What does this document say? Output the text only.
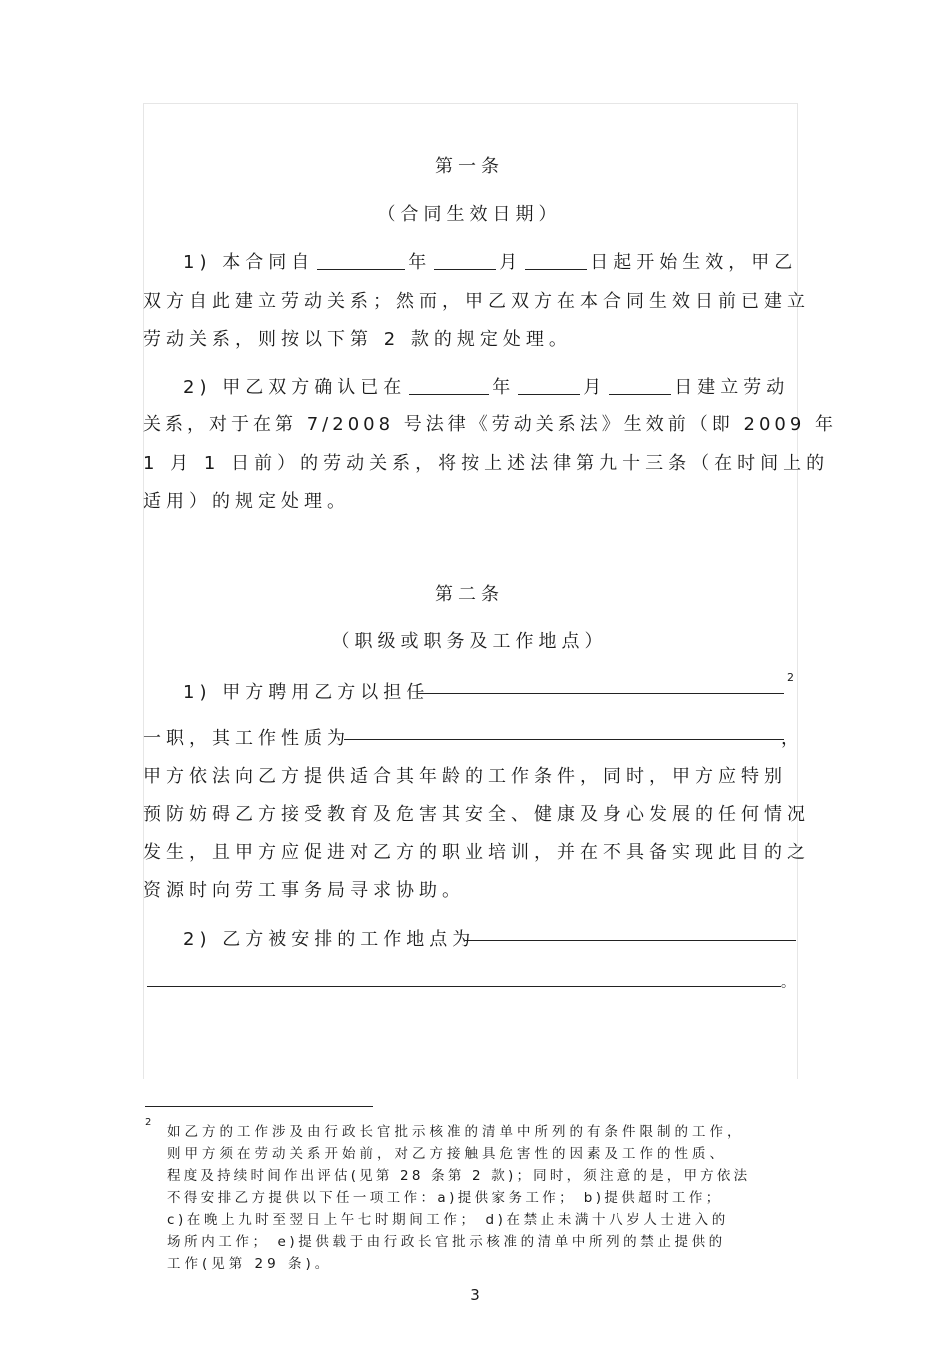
第一条
（合同生效日期）
1) 本合同自	年	月	日起开始生效，甲乙
双方自此建立劳动关系；然而，甲乙双方在本合同生效日前已建立
劳动关系，则按以下第 2 款的规定处理。
2) 甲乙双方确认已在	年	月	日建立劳动
关系，对于在第 7/2008 号法律《劳动关系法》生效前（即 2009 年
1 月 1 日前）的劳动关系，将按上述法律第九十三条（在时间上的
适用）的规定处理。
第二条
（职级或职务及工作地点）
1) 甲方聘用乙方以担任
2
一职，其工作性质为	，
甲方依法向乙方提供适合其年龄的工作条件，同时，甲方应特别
预防妨碍乙方接受教育及危害其安全、健康及身心发展的任何情况
发生，且甲方应促进对乙方的职业培训，并在不具备实现此目的之
资源时向劳工事务局寻求协助。
2) 乙方被安排的工作地点为
。
2
如乙方的工作涉及由行政长官批示核准的清单中所列的有条件限制的工作，
则甲方须在劳动关系开始前，对乙方接触具危害性的因素及工作的性质、
程度及持续时间作出评估(见第 28 条第 2 款)；同时，须注意的是，甲方依法
不得安排乙方提供以下任一项工作：a)提供家务工作； b)提供超时工作；
c)在晚上九时至翌日上午七时期间工作； d)在禁止未满十八岁人士进入的
场所内工作； e)提供载于由行政长官批示核准的清单中所列的禁止提供的
工作(见第 29 条)。
3
